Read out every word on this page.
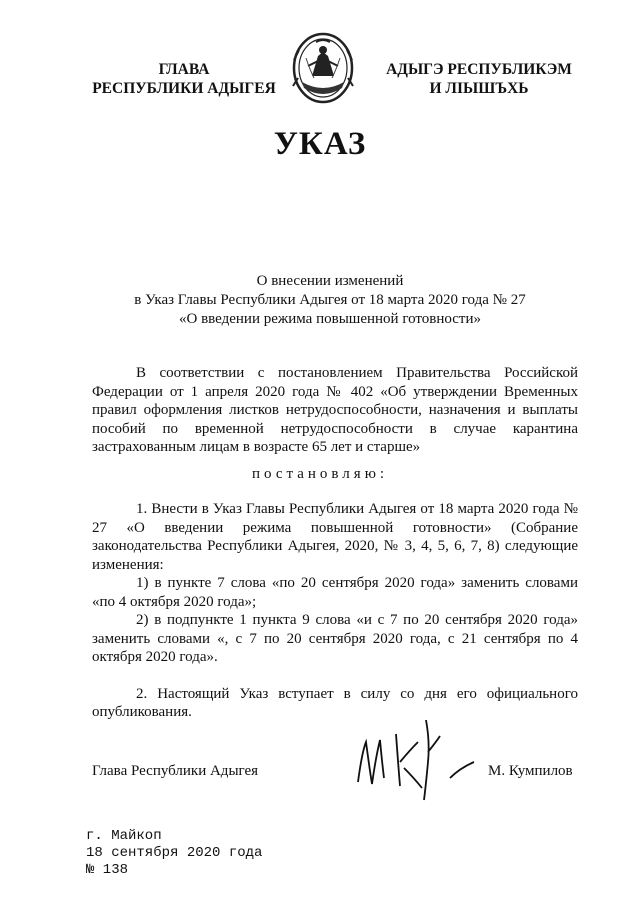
ГЛАВА
РЕСПУБЛИКИ АДЫГЕЯ
АДЫГЭ РЕСПУБЛИКЭМ
И ЛІЫШЪХЬ
УКАЗ
О внесении изменений
в Указ Главы Республики Адыгея от 18 марта 2020 года № 27
«О введении режима повышенной готовности»

В соответствии с постановлением Правительства Российской Федерации от 1 апреля 2020 года № 402 «Об утверждении Временных правил оформления листков нетрудоспособности, назначения и выплаты пособий по временной нетрудоспособности в случае карантина застрахованным лицам в возрасте 65 лет и старше»

постановляю:

1. Внести в Указ Главы Республики Адыгея от 18 марта 2020 года № 27 «О введении режима повышенной готовности» (Собрание законодательства Республики Адыгея, 2020, № 3, 4, 5, 6, 7, 8) следующие изменения:

1) в пункте 7 слова «по 20 сентября 2020 года» заменить словами «по 4 октября 2020 года»;

2) в подпункте 1 пункта 9 слова «и с 7 по 20 сентября 2020 года» заменить словами «, с 7 по 20 сентября 2020 года, с 21 сентября по 4 октября 2020 года».

2. Настоящий Указ вступает в силу со дня его официального опубликования.

Глава Республики Адыгея	М. Кумпилов
г. Майкоп
18 сентября 2020 года
№ 138
